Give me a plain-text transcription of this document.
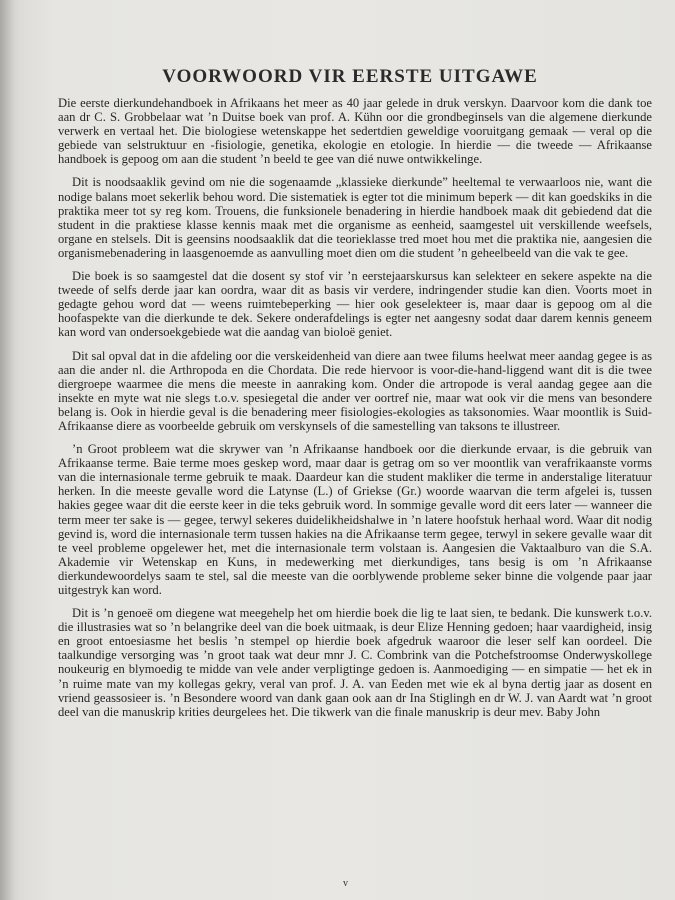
VOORWOORD VIR EERSTE UITGAWE

Die eerste dierkundehandboek in Afrikaans het meer as 40 jaar gelede in druk verskyn. Daarvoor kom die dank toe aan dr C. S. Grobbelaar wat ’n Duitse boek van prof. A. Kühn oor die grondbeginsels van die algemene dierkunde verwerk en vertaal het. Die biologiese wetenskappe het sedertdien geweldige vooruitgang gemaak — veral op die gebiede van selstruktuur en -fisiologie, genetika, ekologie en etologie. In hierdie — die tweede — Afrikaanse handboek is gepoog om aan die student ’n beeld te gee van dié nuwe ontwikkelinge.

Dit is noodsaaklik gevind om nie die sogenaamde „klassieke dierkunde” heeltemal te verwaarloos nie, want die nodige balans moet sekerlik behou word. Die sistematiek is egter tot die minimum beperk — dit kan goedskiks in die praktika meer tot sy reg kom. Trouens, die funksionele benadering in hierdie handboek maak dit gebiedend dat die student in die praktiese klasse kennis maak met die organisme as eenheid, saamgestel uit verskillende weefsels, organe en stelsels. Dit is geensins noodsaaklik dat die teorieklasse tred moet hou met die praktika nie, aangesien die organismebenadering in laasgenoemde as aanvulling moet dien om die student ’n geheelbeeld van die vak te gee.

Die boek is so saamgestel dat die dosent sy stof vir ’n eerstejaarskursus kan selekteer en sekere aspekte na die tweede of selfs derde jaar kan oordra, waar dit as basis vir verdere, indringender studie kan dien. Voorts moet in gedagte gehou word dat — weens ruimtebeperking — hier ook geselekteer is, maar daar is gepoog om al die hoofaspekte van die dierkunde te dek. Sekere onderafdelings is egter net aangesny sodat daar darem kennis geneem kan word van ondersoekgebiede wat die aandag van bioloë geniet.

Dit sal opval dat in die afdeling oor die verskeidenheid van diere aan twee filums heelwat meer aandag gegee is as aan die ander nl. die Arthropoda en die Chordata. Die rede hiervoor is voor-die-hand-liggend want dit is die twee diergroepe waarmee die mens die meeste in aanraking kom. Onder die artropode is veral aandag gegee aan die insekte en myte wat nie slegs t.o.v. spesiegetal die ander ver oortref nie, maar wat ook vir die mens van besondere belang is. Ook in hierdie geval is die benadering meer fisiologies-ekologies as taksonomies. Waar moontlik is Suid-Afrikaanse diere as voorbeelde gebruik om verskynsels of die samestelling van taksons te illustreer.

’n Groot probleem wat die skrywer van ’n Afrikaanse handboek oor die dierkunde ervaar, is die gebruik van Afrikaanse terme. Baie terme moes geskep word, maar daar is getrag om so ver moontlik van verafrikaanste vorms van die internasionale terme gebruik te maak. Daardeur kan die student makliker die terme in anderstalige literatuur herken. In die meeste gevalle word die Latynse (L.) of Griekse (Gr.) woorde waarvan die term afgelei is, tussen hakies gegee waar dit die eerste keer in die teks gebruik word. In sommige gevalle word dit eers later — wanneer die term meer ter sake is — gegee, terwyl sekeres duidelikheidshalwe in ’n latere hoofstuk herhaal word. Waar dit nodig gevind is, word die internasionale term tussen hakies na die Afrikaanse term gegee, terwyl in sekere gevalle waar dit te veel probleme opgelewer het, met die internasionale term volstaan is. Aangesien die Vaktaalburo van die S.A. Akademie vir Wetenskap en Kuns, in medewerking met dierkundiges, tans besig is om ’n Afrikaanse dierkundewoordelys saam te stel, sal die meeste van die oorblywende probleme seker binne die volgende paar jaar uitgestryk kan word.

Dit is ’n genoeë om diegene wat meegehelp het om hierdie boek die lig te laat sien, te bedank. Die kunswerk t.o.v. die illustrasies wat so ’n belangrike deel van die boek uitmaak, is deur Elize Henning gedoen; haar vaardigheid, insig en groot entoesiasme het beslis ’n stempel op hierdie boek afgedruk waaroor die leser self kan oordeel. Die taalkundige versorging was ’n groot taak wat deur mnr J. C. Combrink van die Potchefstroomse Onderwyskollege noukeurig en blymoedig te midde van vele ander verpligtinge gedoen is. Aanmoediging — en simpatie — het ek in ’n ruime mate van my kollegas gekry, veral van prof. J. A. van Eeden met wie ek al byna dertig jaar as dosent en vriend geassosieer is. ’n Besondere woord van dank gaan ook aan dr Ina Stiglingh en dr W. J. van Aardt wat ’n groot deel van die manuskrip krities deurgelees het. Die tikwerk van die finale manuskrip is deur mev. Baby John

v
